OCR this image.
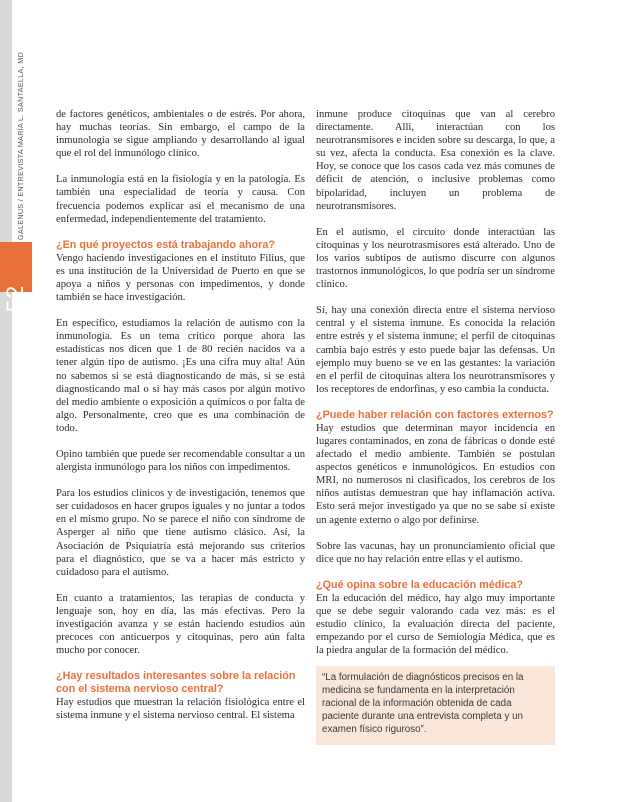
52
GALENUS / ENTREVISTA MARÍA L. SANTAELLA, MD	de factores genéticos, ambientales o de estrés. Por ahora, hay muchas teorías. Sin embargo, el campo de la inmunología se sigue ampliando y desarrollando al igual que el rol del inmunólogo clínico.

La inmunología está en la fisiología y en la patología. Es también una especialidad de teoría y causa. Con frecuencia podemos explicar así el mecanismo de una enfermedad, independientemente del tratamiento.

¿En qué proyectos está trabajando ahora?

Vengo haciendo investigaciones en el instituto Filius, que es una institución de la Universidad de Puerto en que se apoya a niños y personas con impedimentos, y donde también se hace investigación.

En específico, estudiamos la relación de autismo con la inmunología. Es un tema crítico porque ahora las estadísticas nos dicen que 1 de 80 recién nacidos va a tener algún tipo de autismo. ¡Es una cifra muy alta! Aún no sabemos si se está diagnosticando de más, si se está diagnosticando mal o si hay más casos por algún motivo del medio ambiente o exposición a químicos o por falta de algo. Personalmente, creo que es una combinación de todo.

Opino también que puede ser recomendable consultar a un alergista inmunólogo para los niños con impedimentos.

Para los estudios clínicos y de investigación, tenemos que ser cuidadosos en hacer grupos iguales y no juntar a todos en el mismo grupo. No se parece el niño con síndrome de Asperger al niño que tiene autismo clásico. Así, la Asociación de Psiquiatría está mejorando sus criterios para el diagnóstico, que se va a hacer más estricto y cuidadoso para el autismo.

En cuanto a tratamientos, las terapias de conducta y lenguaje son, hoy en día, las más efectivas. Pero la investigación avanza y se están haciendo estudios aún precoces con anticuerpos y citoquinas, pero aún falta mucho por conocer.

¿Hay resultados interesantes sobre la relación con el sistema nervioso central?

Hay estudios que muestran la relación fisiológica entre el sistema inmune y el sistema nervioso central. El sistema

inmune produce citoquinas que van al cerebro directamente. Allí, interactúan con los neurotransmisores e inciden sobre su descarga, lo que, a su vez, afecta la conducta. Esa conexión es la clave. Hoy, se conoce que los casos cada vez más comunes de déficit de atención, o inclusive problemas como bipolaridad, incluyen un problema de neurotransmisores.

En el autismo, el circuito donde interactúan las citoquinas y los neurotrasmisores está alterado. Uno de los varios subtipos de autismo discurre con algunos trastornos inmunológicos, lo que podría ser un síndrome clínico.

Sí, hay una conexión directa entre el sistema nervioso central y el sistema inmune. Es conocida la relación entre estrés y el sistema inmune; el perfil de citoquinas cambia bajo estrés y esto puede bajar las defensas. Un ejemplo muy bueno se ve en las gestantes: la variación en el perfil de citoquinas altera los neurotransmisores y los receptores de endorfinas, y eso cambia la conducta.

¿Puede haber relación con factores externos?

Hay estudios que determinan mayor incidencia en lugares contaminados, en zona de fábricas o donde esté afectado el medio ambiente. También se postulan aspectos genéticos e inmunológicos. En estudios con MRI, no numerosos ni clasificados, los cerebros de los niños autistas demuestran que hay inflamación activa. Esto será mejor investigado ya que no se sabe si existe un agente externo o algo por definirse.

Sobre las vacunas, hay un pronunciamiento oficial que dice que no hay relación entre ellas y el autismo.

¿Qué opina sobre la educación médica?

En la educación del médico, hay algo muy importante que se debe seguir valorando cada vez más: es el estudio clínico, la evaluación directa del paciente, empezando por el curso de Semiología Médica, que es la piedra angular de la formación del médico.

“La formulación de diagnósticos precisos en la medicina se fundamenta en la interpretación racional de la información obtenida de cada paciente durante una entrevista completa y un examen físico riguroso”.
